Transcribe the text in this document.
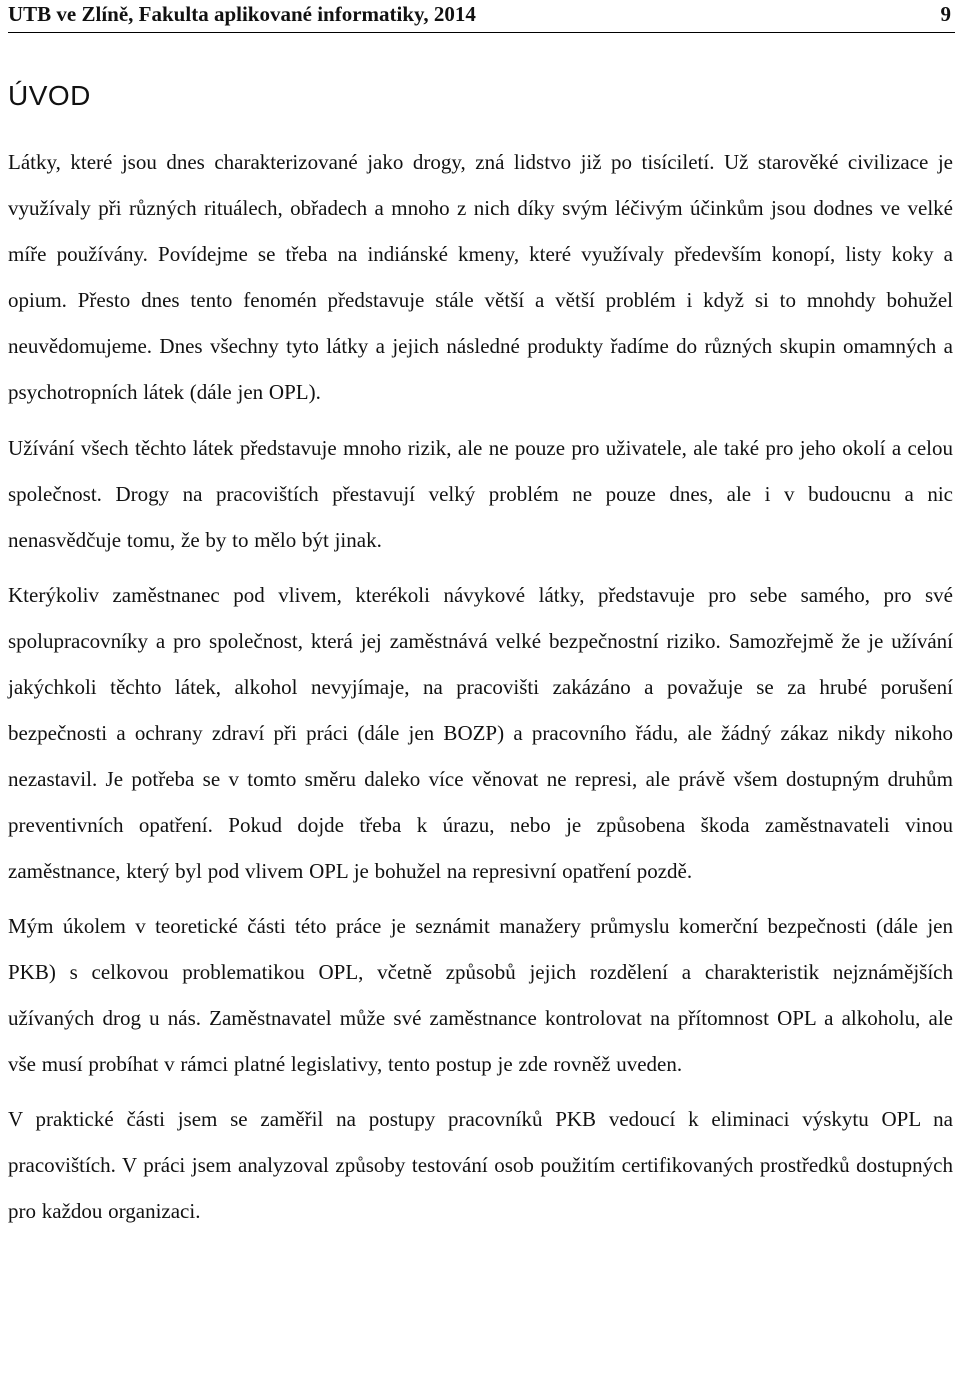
UTB ve Zlíně, Fakulta aplikované informatiky, 2014	9
ÚVOD

Látky, které jsou dnes charakterizované jako drogy, zná lidstvo již po tisíciletí. Už starověké civilizace je využívaly při různých rituálech, obřadech a mnoho z nich díky svým léčivým účinkům jsou dodnes ve velké míře používány. Povídejme se třeba na indiánské kmeny, které využívaly především konopí, listy koky a opium. Přesto dnes tento fenomén představuje stále větší a větší problém i když si to mnohdy bohužel neuvědomujeme. Dnes všechny tyto látky a jejich následné produkty řadíme do různých skupin omamných a psychotropních látek (dále jen OPL).

Užívání všech těchto látek představuje mnoho rizik, ale ne pouze pro uživatele, ale také pro jeho okolí a celou společnost. Drogy na pracovištích přestavují velký problém ne pouze dnes, ale i v budoucnu a nic nenasvědčuje tomu, že by to mělo být jinak.

Kterýkoliv zaměstnanec pod vlivem, kterékoli návykové látky, představuje pro sebe samého, pro své spolupracovníky a pro společnost, která jej zaměstnává velké bezpečnostní riziko. Samozřejmě že je užívání jakýchkoli těchto látek, alkohol nevyjímaje, na pracovišti zakázáno a považuje se za hrubé porušení bezpečnosti a ochrany zdraví při práci (dále jen BOZP) a pracovního řádu, ale žádný zákaz nikdy nikoho nezastavil. Je potřeba se v tomto směru daleko více věnovat ne represi, ale právě všem dostupným druhům preventivních opatření. Pokud dojde třeba k úrazu, nebo je způsobena škoda zaměstnavateli vinou zaměstnance, který byl pod vlivem OPL je bohužel na represivní opatření pozdě.

Mým úkolem v teoretické části této práce je seznámit manažery průmyslu komerční bezpečnosti (dále jen PKB) s celkovou problematikou OPL, včetně způsobů jejich rozdělení a charakteristik nejznámějších užívaných drog u nás. Zaměstnavatel může své zaměstnance kontrolovat na přítomnost OPL a alkoholu, ale vše musí probíhat v rámci platné legislativy, tento postup je zde rovněž uveden.

V praktické části jsem se zaměřil na postupy pracovníků PKB vedoucí k eliminaci výskytu OPL na pracovištích. V práci jsem analyzoval způsoby testování osob použitím certifikovaných prostředků dostupných pro každou organizaci.
